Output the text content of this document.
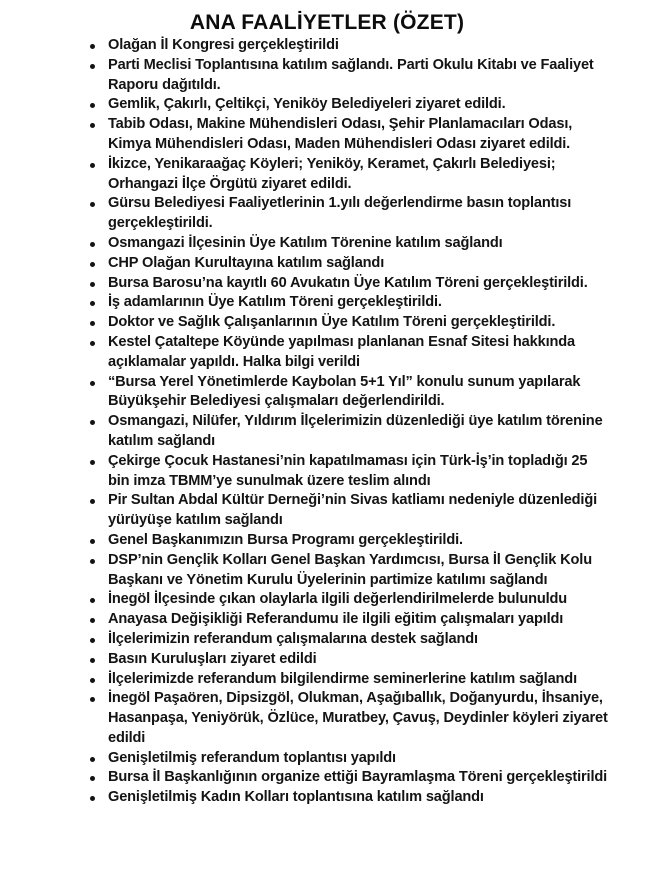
ANA FAALİYETLER (ÖZET)
Olağan İl Kongresi gerçekleştirildi
Parti Meclisi Toplantısına katılım sağlandı. Parti Okulu Kitabı ve Faaliyet Raporu dağıtıldı.
Gemlik, Çakırlı, Çeltikçi, Yeniköy Belediyeleri ziyaret edildi.
Tabib Odası, Makine Mühendisleri Odası, Şehir Planlamacıları Odası, Kimya Mühendisleri Odası, Maden Mühendisleri Odası ziyaret edildi.
İkizce, Yenikaraağaç Köyleri; Yeniköy, Keramet, Çakırlı Belediyesi; Orhangazi İlçe Örgütü ziyaret edildi.
Gürsu Belediyesi Faaliyetlerinin 1.yılı değerlendirme basın toplantısı gerçekleştirildi.
Osmangazi İlçesinin Üye Katılım Törenine katılım sağlandı
CHP Olağan Kurultayına katılım sağlandı
Bursa Barosu’na kayıtlı 60 Avukatın Üye Katılım Töreni gerçekleştirildi.
İş adamlarının Üye Katılım Töreni gerçekleştirildi.
Doktor ve Sağlık Çalışanlarının Üye Katılım Töreni gerçekleştirildi.
Kestel Çataltepe Köyünde yapılması planlanan Esnaf Sitesi hakkında açıklamalar yapıldı. Halka bilgi verildi
“Bursa Yerel Yönetimlerde Kaybolan 5+1 Yıl” konulu sunum yapılarak Büyükşehir Belediyesi çalışmaları değerlendirildi.
Osmangazi, Nilüfer, Yıldırım İlçelerimizin düzenlediği üye katılım törenine katılım sağlandı
Çekirge Çocuk Hastanesi’nin kapatılmaması için Türk-İş’in topladığı 25 bin imza TBMM’ye sunulmak üzere teslim alındı
Pir Sultan Abdal Kültür Derneği’nin Sivas katliamı nedeniyle düzenlediği yürüyüşe katılım sağlandı
Genel Başkanımızın Bursa Programı gerçekleştirildi.
DSP’nin Gençlik Kolları Genel Başkan Yardımcısı, Bursa İl Gençlik Kolu Başkanı ve Yönetim Kurulu Üyelerinin partimize katılımı sağlandı
İnegöl İlçesinde çıkan olaylarla ilgili değerlendirilmelerde bulunuldu
Anayasa Değişikliği Referandumu ile ilgili eğitim çalışmaları yapıldı
İlçelerimizin referandum çalışmalarına destek sağlandı
Basın Kuruluşları ziyaret edildi
İlçelerimizde referandum bilgilendirme seminerlerine katılım sağlandı
İnegöl Paşaören, Dipsizgöl, Olukman, Aşağıballık, Doğanyurdu, İhsaniye, Hasanpaşa, Yeniyörük, Özlüce, Muratbey, Çavuş, Deydinler köyleri ziyaret edildi
Genişletilmiş referandum toplantısı yapıldı
Bursa İl Başkanlığının organize ettiği Bayramlaşma Töreni gerçekleştirildi
Genişletilmiş Kadın Kolları toplantısına katılım sağlandı
